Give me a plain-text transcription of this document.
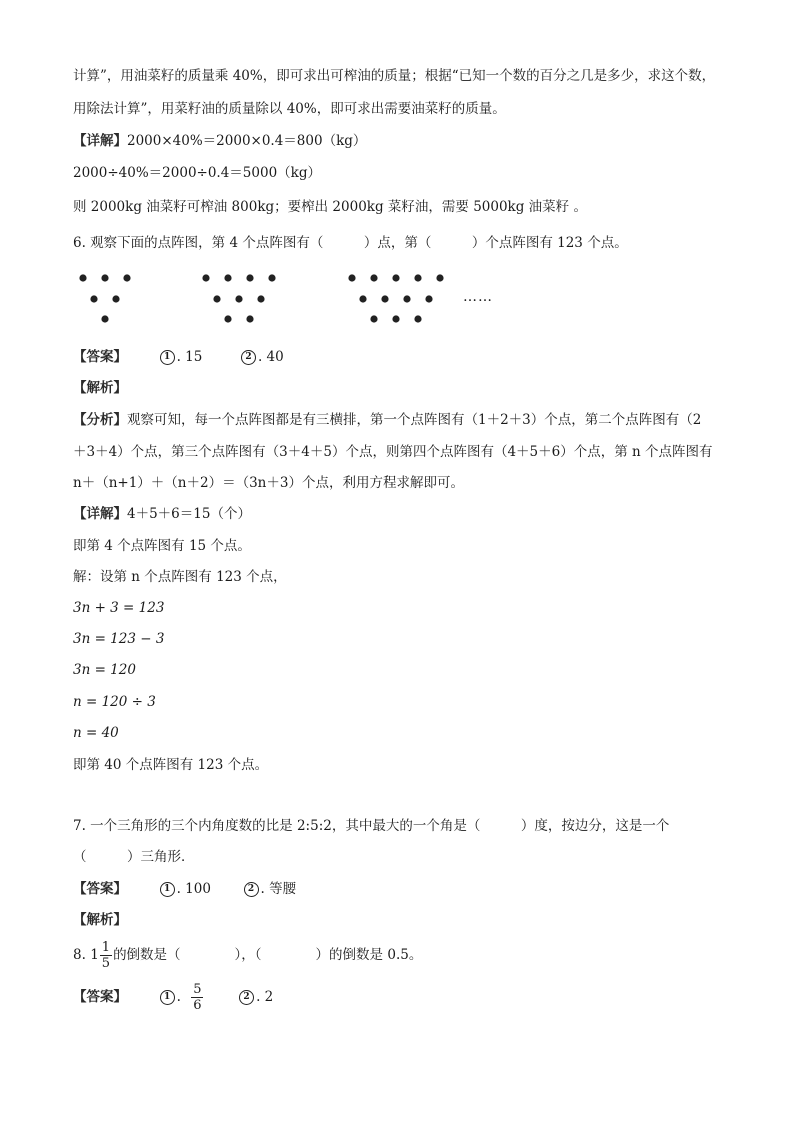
计算”，用油菜籽的质量乘 40%，即可求出可榨油的质量；根据“已知一个数的百分之几是多少，求这个数，
用除法计算”，用菜籽油的质量除以 40%，即可求出需要油菜籽的质量。
【详解】2000×40%＝2000×0.4＝800（kg）
2000÷40%＝2000÷0.4＝5000（kg）
则 2000kg 油菜籽可榨油 800kg；要榨出 2000kg 菜籽油，需要 5000kg 油菜籽 。
6. 观察下面的点阵图，第 4 个点阵图有（　　　）点，第（　　　）个点阵图有 123 个点。
……
【答案】	1 . 15	2 . 40
【解析】
【分析】观察可知，每一个点阵图都是有三横排，第一个点阵图有（1＋2＋3）个点，第二个点阵图有（2
＋3＋4）个点，第三个点阵图有（3＋4＋5）个点，则第四个点阵图有（4＋5＋6）个点，第 n 个点阵图有
n＋（n+1）＋（n＋2）＝（3n＋3）个点，利用方程求解即可。
【详解】4＋5＋6＝15（个）
即第 4 个点阵图有 15 个点。
解：设第 n 个点阵图有 123 个点，
3n + 3 = 123
3n = 123 − 3
3n = 120
n = 120 ÷ 3
n = 40
即第 40 个点阵图有 123 个点。
7. 一个三角形的三个内角度数的比是 2:5:2，其中最大的一个角是（　　　）度，按边分，这是一个
（　　　）三角形．
【答案】	1 . 100	2 . 等腰
【解析】
8. $1 \frac{1}{5}$ 的倒数是（　　　　），（　　　　）的倒数是 0.5。
【答案】	1 . $\frac{5}{6}$	2 . 2
